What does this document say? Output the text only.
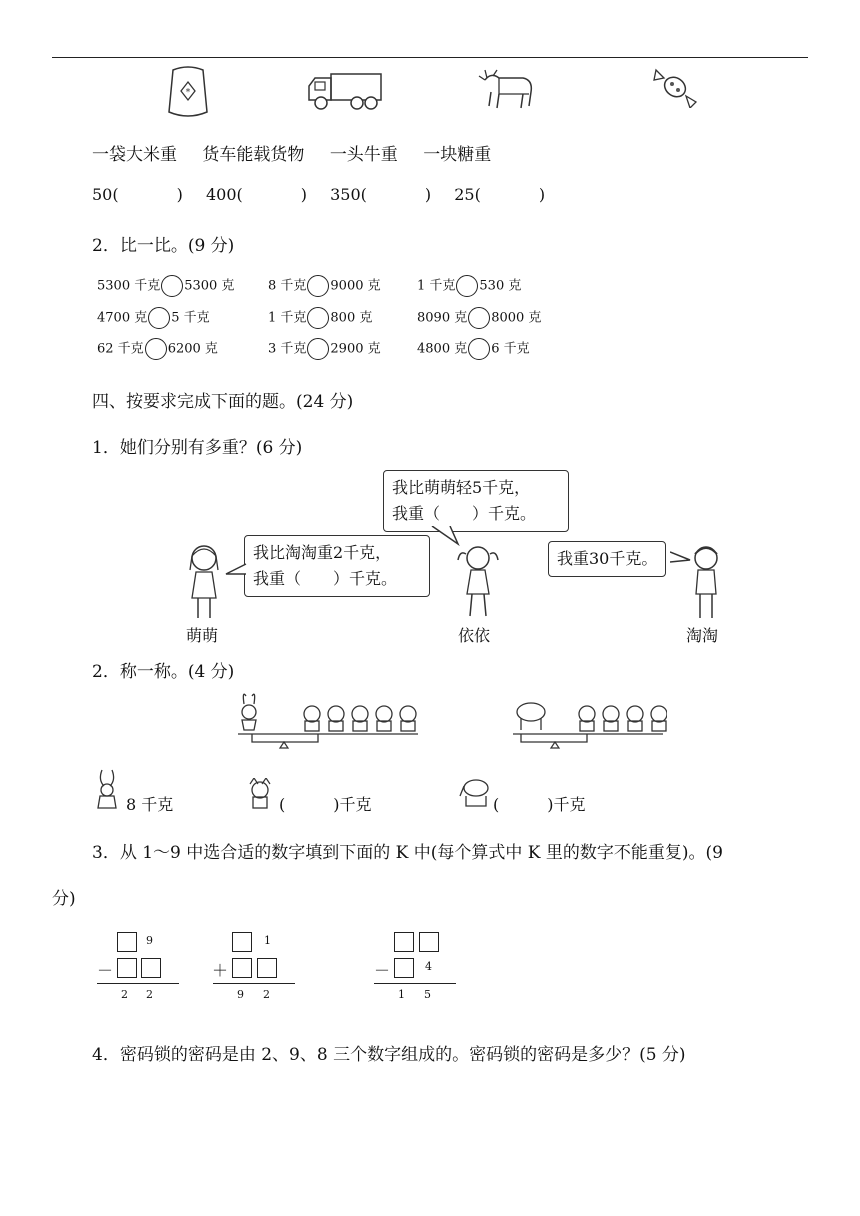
*
一袋大米重 货车能载货物 一头牛重 一块糖重
50(	) 400(	) 350(	) 25(	)
2．比一比。(9 分)
5300 千克 5300 克	8 千克 9000 克	1 千克 530 克
4700 克 5 千克	1 千克 800 克	8090 克 8000 克
62 千克 6200 克	3 千克 2900 克	4800 克 6 千克
四、按要求完成下面的题。(24 分)
1．她们分别有多重？(6 分)
我比萌萌轻5千克，
我重（　　）千克。
我比淘淘重2千克，
我重（　　）千克。
我重30千克。
萌萌	依依	淘淘
2．称一称。(4 分)
8 千克	(　　　)千克	(　　　)千克
3．从 1～9 中选合适的数字填到下面的 K 中(每个算式中 K 里的数字不能重复)。(9
分)
9
－
2 2
1
＋
9 2
－	4
1 5
4．密码锁的密码是由 2、9、8 三个数字组成的。密码锁的密码是多少？(5 分)
